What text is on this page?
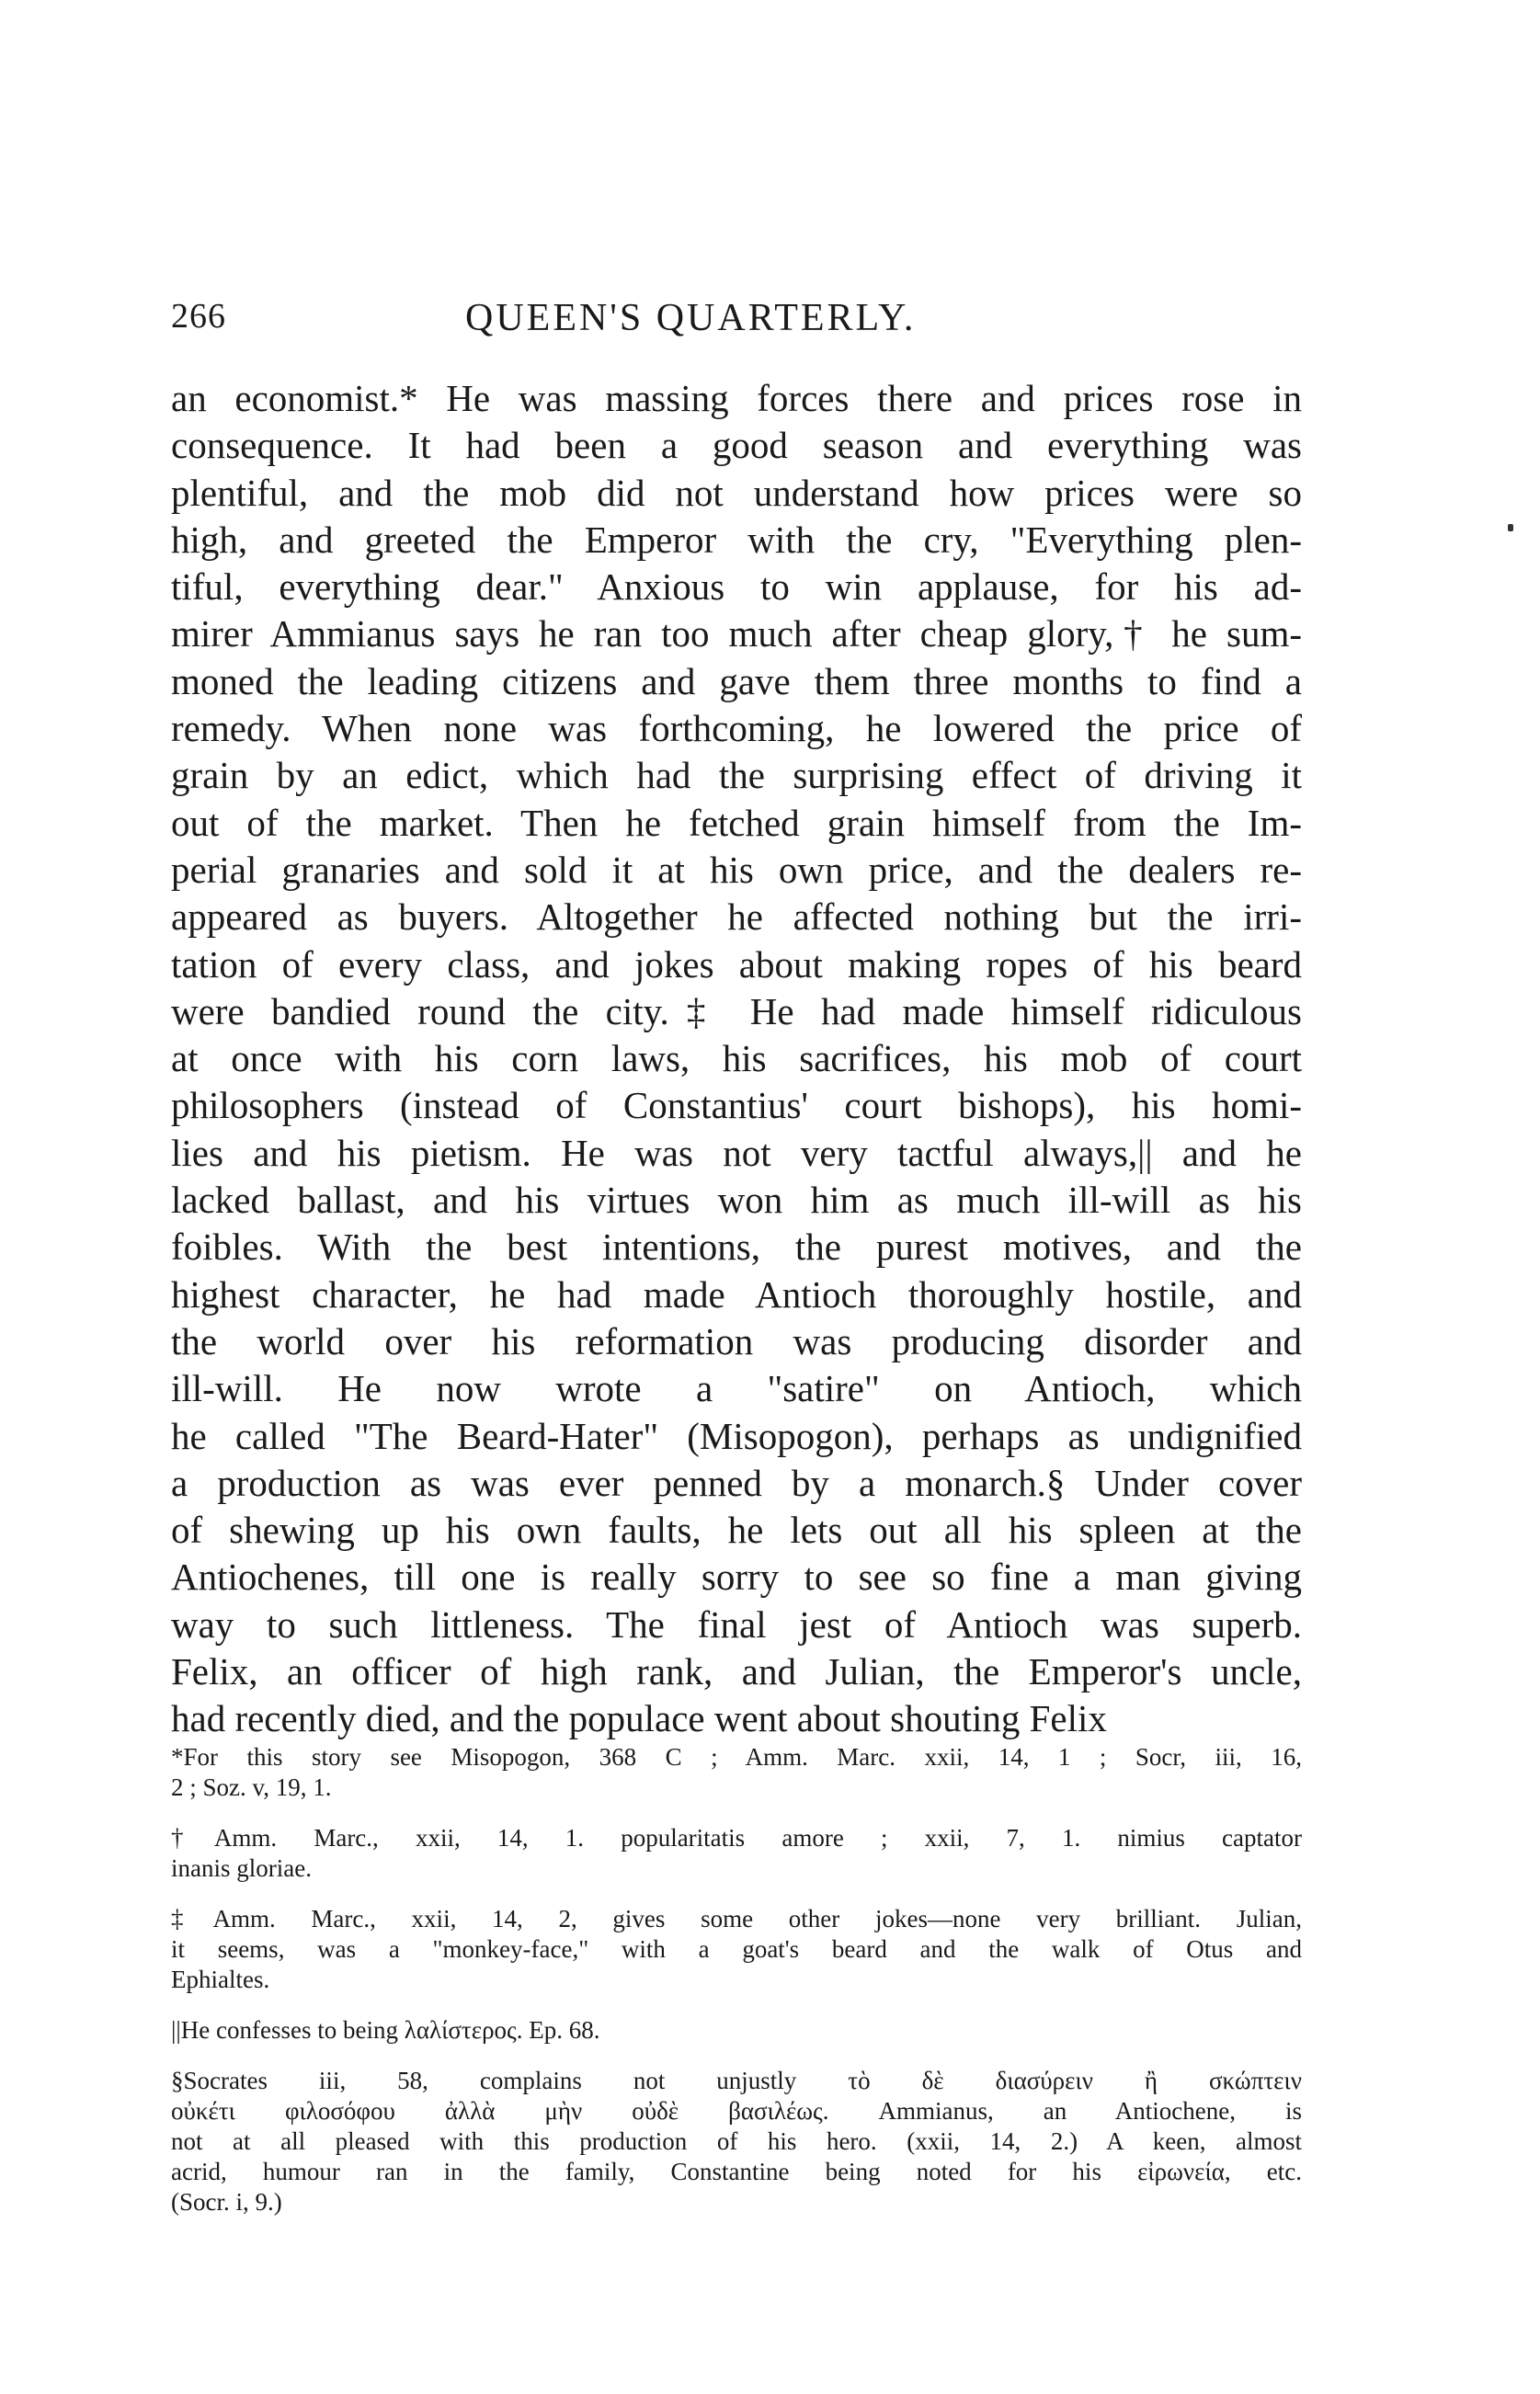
266	QUEEN'S QUARTERLY.
an economist.* He was massing forces there and prices rose in
consequence. It had been a good season and everything was
plentiful, and the mob did not understand how prices were so
high, and greeted the Emperor with the cry, "Everything plen-
tiful, everything dear." Anxious to win applause, for his ad-
mirer Ammianus says he ran too much after cheap glory,† he sum-
moned the leading citizens and gave them three months to find a
remedy. When none was forthcoming, he lowered the price of
grain by an edict, which had the surprising effect of driving it
out of the market. Then he fetched grain himself from the Im-
perial granaries and sold it at his own price, and the dealers re-
appeared as buyers. Altogether he affected nothing but the irri-
tation of every class, and jokes about making ropes of his beard
were bandied round the city.‡ He had made himself ridiculous
at once with his corn laws, his sacrifices, his mob of court
philosophers (instead of Constantius' court bishops), his homi-
lies and his pietism. He was not very tactful always,|| and he
lacked ballast, and his virtues won him as much ill-will as his
foibles. With the best intentions, the purest motives, and the
highest character, he had made Antioch thoroughly hostile, and
the world over his reformation was producing disorder and
ill-will. He now wrote a "satire" on Antioch, which
he called "The Beard-Hater" (Misopogon), perhaps as undignified
a production as was ever penned by a monarch.§ Under cover
of shewing up his own faults, he lets out all his spleen at the
Antiochenes, till one is really sorry to see so fine a man giving
way to such littleness. The final jest of Antioch was superb.
Felix, an officer of high rank, and Julian, the Emperor's uncle,
had recently died, and the populace went about shouting Felix
*For this story see Misopogon, 368 C ; Amm. Marc. xxii, 14, 1 ; Socr, iii, 16,
2 ; Soz. v, 19, 1.
†Amm. Marc., xxii, 14, 1. popularitatis amore ; xxii, 7, 1. nimius captator
inanis gloriae.
‡Amm. Marc., xxii, 14, 2, gives some other jokes—none very brilliant. Julian,
it seems, was a "monkey-face," with a goat's beard and the walk of Otus and
Ephialtes.
||He confesses to being λαλίστερος. Ep. 68.
§Socrates iii, 58, complains not unjustly τὸ δὲ διασύρειν ἢ σκώπτειν
οὐκέτι φιλοσόφου ἀλλὰ μὴν οὐδὲ βασιλέως. Ammianus, an Antiochene, is
not at all pleased with this production of his hero. (xxii, 14, 2.) A keen, almost
acrid, humour ran in the family, Constantine being noted for his εἰρωνεία, etc.
(Socr. i, 9.)
